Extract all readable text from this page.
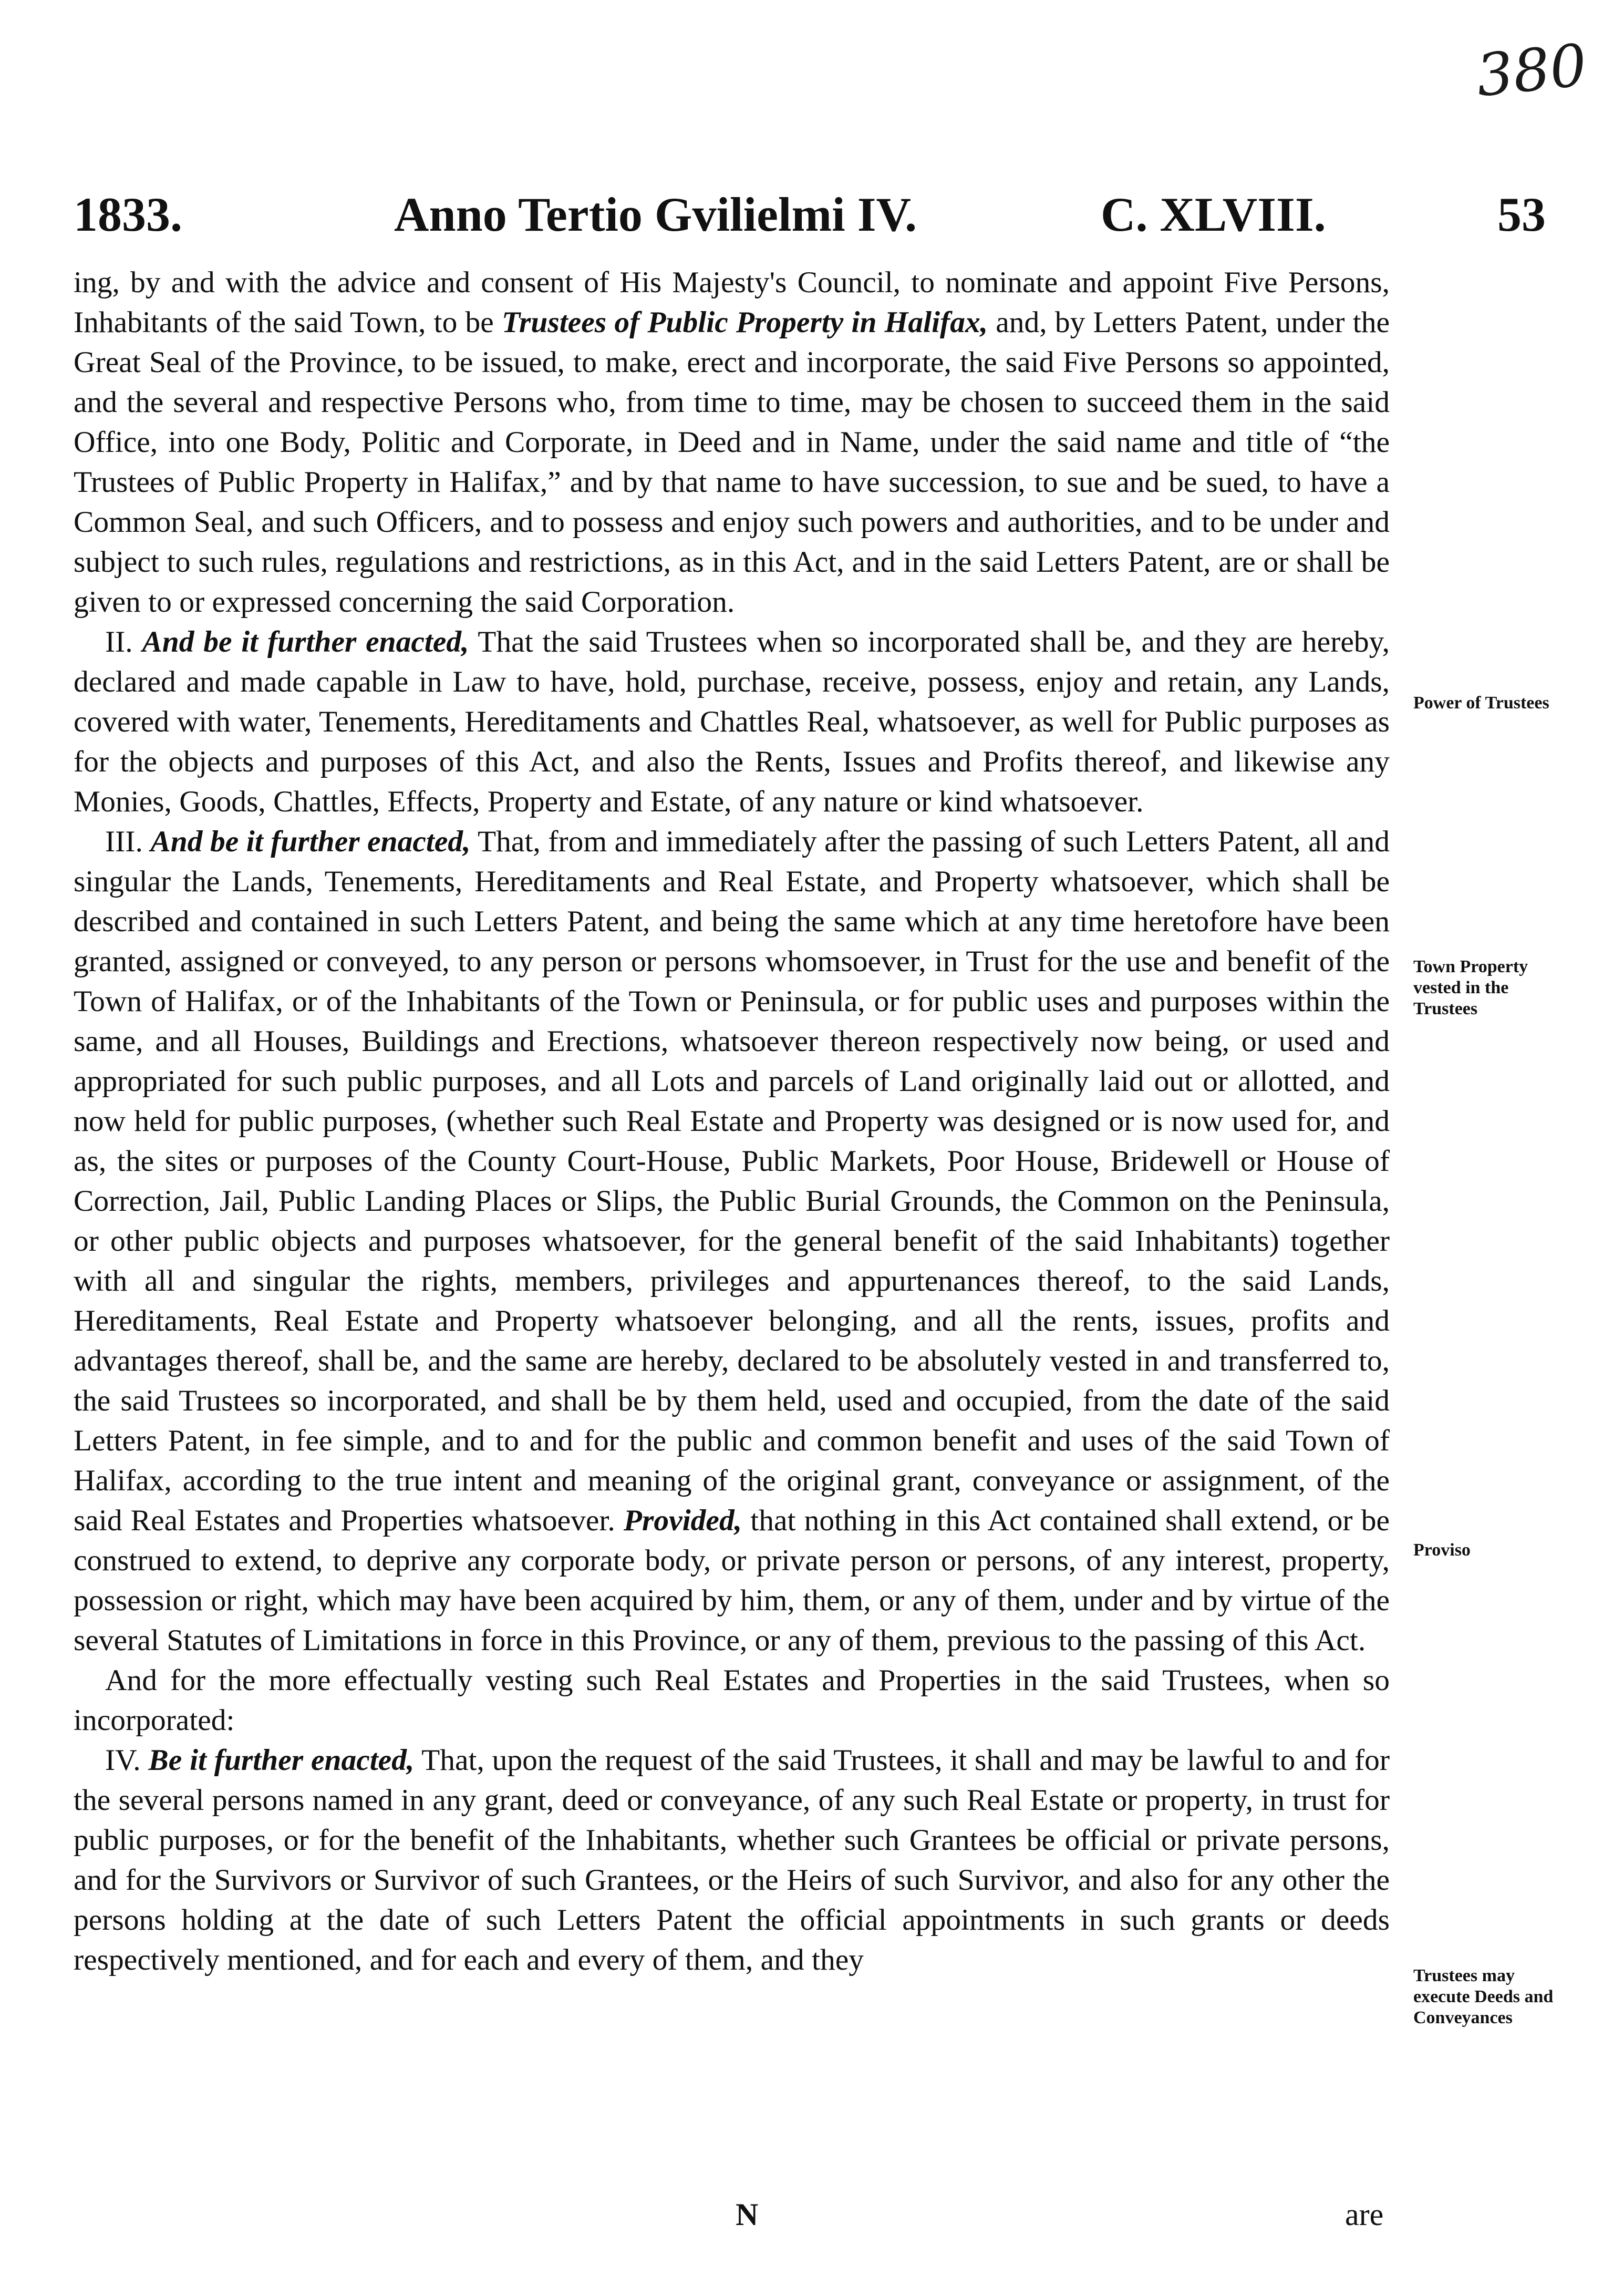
380
1833.	Anno Tertio Gvilielmi IV.	C. XLVIII.	53

ing, by and with the advice and consent of His Majesty's Council, to nominate and appoint Five Persons, Inhabitants of the said Town, to be Trustees of Public Property in Halifax, and, by Letters Patent, under the Great Seal of the Province, to be issued, to make, erect and incorporate, the said Five Persons so appointed, and the several and respective Persons who, from time to time, may be chosen to succeed them in the said Office, into one Body, Politic and Corporate, in Deed and in Name, under the said name and title of “the Trustees of Public Property in Halifax,” and by that name to have succession, to sue and be sued, to have a Common Seal, and such Officers, and to possess and enjoy such powers and authorities, and to be under and subject to such rules, regulations and restrictions, as in this Act, and in the said Letters Patent, are or shall be given to or expressed concerning the said Corporation.

II. And be it further enacted, That the said Trustees when so incorporated shall be, and they are hereby, declared and made capable in Law to have, hold, purchase, receive, possess, enjoy and retain, any Lands, covered with water, Tenements, Hereditaments and Chattles Real, whatsoever, as well for Public purposes as for the objects and purposes of this Act, and also the Rents, Issues and Profits thereof, and likewise any Monies, Goods, Chattles, Effects, Property and Estate, of any nature or kind whatsoever.

III. And be it further enacted, That, from and immediately after the passing of such Letters Patent, all and singular the Lands, Tenements, Hereditaments and Real Estate, and Property whatsoever, which shall be described and contained in such Letters Patent, and being the same which at any time heretofore have been granted, assigned or conveyed, to any person or persons whomsoever, in Trust for the use and benefit of the Town of Halifax, or of the Inhabitants of the Town or Peninsula, or for public uses and purposes within the same, and all Houses, Buildings and Erections, whatsoever thereon respectively now being, or used and appropriated for such public purposes, and all Lots and parcels of Land originally laid out or allotted, and now held for public purposes, (whether such Real Estate and Property was designed or is now used for, and as, the sites or purposes of the County Court-House, Public Markets, Poor House, Bridewell or House of Correction, Jail, Public Landing Places or Slips, the Public Burial Grounds, the Common on the Peninsula, or other public objects and purposes whatsoever, for the general benefit of the said Inhabitants) together with all and singular the rights, members, privileges and appurtenances thereof, to the said Lands, Hereditaments, Real Estate and Property whatsoever belonging, and all the rents, issues, profits and advantages thereof, shall be, and the same are hereby, declared to be absolutely vested in and transferred to, the said Trustees so incorporated, and shall be by them held, used and occupied, from the date of the said Letters Patent, in fee simple, and to and for the public and common benefit and uses of the said Town of Halifax, according to the true intent and meaning of the original grant, conveyance or assignment, of the said Real Estates and Properties whatsoever. Provided, that nothing in this Act contained shall extend, or be construed to extend, to deprive any corporate body, or private person or persons, of any interest, property, possession or right, which may have been acquired by him, them, or any of them, under and by virtue of the several Statutes of Limitations in force in this Province, or any of them, previous to the passing of this Act.

And for the more effectually vesting such Real Estates and Properties in the said Trustees, when so incorporated:

IV. Be it further enacted, That, upon the request of the said Trustees, it shall and may be lawful to and for the several persons named in any grant, deed or conveyance, of any such Real Estate or property, in trust for public purposes, or for the benefit of the Inhabitants, whether such Grantees be official or private persons, and for the Survivors or Survivor of such Grantees, or the Heirs of such Survivor, and also for any other the persons holding at the date of such Letters Patent the official appointments in such grants or deeds respectively mentioned, and for each and every of them, and they

Power of Trustees
Town Property vested in the Trustees
Proviso
Trustees may execute Deeds and Conveyances
N	are
